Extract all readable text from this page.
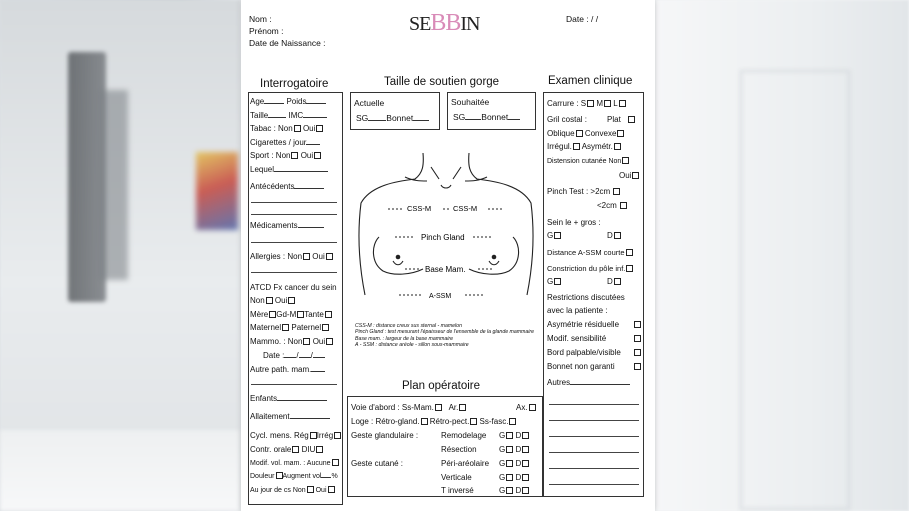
Nom :
Prénom :
Date de Naissance :
SEBBIN	Date : / /
Interrogatoire	Taille de soutien gorge	Examen clinique
Actuelle
SG Bonnet
Souhaitée
SG Bonnet
CSS-M	CSS-M
Pinch Gland
Base Mam.
A-SSM
CSS-M : distance creux sus sternal - mamelon
Pinch Gland : test mesurant l'épaisseur de l'ensemble de la glande mammaire
Base mam. : largeur de la base mammaire
A - SSM : distance aréole - sillon sous-mammaire
Age	Poids
Taille	IMC
Tabac : Non Oui
Cigarettes / jour
Sport : Non Oui
Lequel
Antécédents
Médicaments
Allergies : Non Oui
ATCD Fx cancer du sein
Non Oui
Mère Gd-M Tante
Maternel Paternel
Mammo. : Non Oui
Date : / /
Autre path. mam.
Enfants
Allaitement
Cycl. mens. Rég Irrég
Contr. orale DIU
Modif. vol. mam. : Aucune
Douleur Augment vol %
Au jour de cs Non Oui
Carrure : S M L
Gril costal : Plat
Oblique Convexe
Irrégul. Asymétr.
Distension cutanée Non
Oui
Pinch Test : >2cm
<2cm
Sein le + gros :
G	D
Distance A-SSM courte
Constriction du pôle inf.
G	D
Restrictions discutées
avec la patiente :
Asymétrie résiduelle
Modif. sensibilité
Bord palpable/visible
Bonnet non garanti
Autres
Plan opératoire
Voie d'abord : Ss-Mam. Ar.	Ax.
Loge : Rétro-gland. Rétro-pect. Ss-fasc.
Geste glandulaire :	Remodelage G D
Résection	G D
Geste cutané :	Péri-aréolaire G D
Verticale	G D
T inversé	G D
